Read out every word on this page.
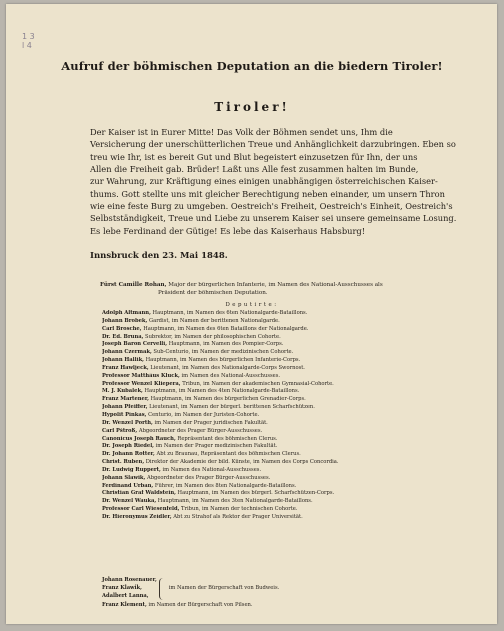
1 3
l 4
Aufruf der böhmischen Deputation an die biedern Tiroler!
Tiroler!
Der Kaiser ist in Eurer Mitte! Das Volk der Böhmen sendet uns, Ihm die
Versicherung der unerschütterlichen Treue und Anhänglichkeit darzubringen. Eben so
treu wie Ihr, ist es bereit Gut und Blut begeistert einzusetzen für Ihn, der uns
Allen die Freiheit gab. Brüder! Laßt uns Alle fest zusammen halten im Bunde,
zur Wahrung, zur Kräftigung eines einigen unabhängigen österreichischen Kaiser-
thums. Gott stellte uns mit gleicher Berechtigung neben einander, um unsern Thron
wie eine feste Burg zu umgeben. Oestreich's Freiheit, Oestreich's Einheit, Oestreich's
Selbstständigkeit, Treue und Liebe zu unserem Kaiser sei unsere gemeinsame Losung.
Es lebe Ferdinand der Gütige! Es lebe das Kaiserhaus Habsburg!
Innsbruck den 23. Mai 1848.
Fürst Camille Rohan, Major der bürgerlichen Infanterie, im Namen des National-Ausschusses als
Präsident der böhmischen Deputation.
Deputirte:
Adolph Altmann, Hauptmann, im Namen des 6ten Nationalgarde-Bataillons.
Johann Brobek, Gardist, im Namen der berittenen Nationalgarde.
Carl Brosche, Hauptmann, im Namen des 6ten Bataillons der Nationalgarde.
Dr. Ed. Bruna, Subrektor, im Namen der philosophischen Cohorte.
Joseph Baron Cervelli, Hauptmann, im Namen des Pompier-Corps.
Johann Czermak, Sub-Centurio, im Namen der medizinischen Cohorte.
Johann Hallik, Hauptmann, im Namen des bürgerlichen Infanterie-Corps.
Franz Hawljeck, Lieutenant, im Namen des Nationalgarde-Corps Swornost.
Professor Matthäus Kluck, im Namen des National-Ausschusses.
Professor Wenzel Kliepera, Tribun, im Namen der akademischen Gymnasial-Cohorte.
M. J. Kubalek, Hauptmann, im Namen des 4ten Nationalgarde-Bataillons.
Franz Martener, Hauptmann, im Namen des bürgerlichen Grenadier-Corps.
Johann Pfeiffer, Lieutenant, im Namen der bürgerl. berittenen Scharfschützen.
Hypolit Pinkas, Centurio, im Namen der Juristen-Cohorte.
Dr. Wenzel Porth, im Namen der Prager juridischen Fakultät.
Carl Pštroß, Abgeordneter des Prager Bürger-Ausschusses.
Canonicus Joseph Rauch, Repräsentant des böhmischen Clerus.
Dr. Joseph Riedel, im Namen der Prager medizinischen Fakultät.
Dr. Johann Rotter, Abt zu Braunau, Repräsentant des böhmischen Clerus.
Christ. Ruben, Direktor der Akademie der bild. Künste, im Namen des Corps Concordia.
Dr. Ludwig Ruppert, im Namen des National-Ausschusses.
Johann Slawik, Abgeordneter des Prager Bürger-Ausschusses.
Ferdinand Urban, Führer, im Namen des 8ten Nationalgarde-Bataillons.
Christian Graf Waldstein, Hauptmann, im Namen des bürgerl. Scharfschützen-Corps.
Dr. Wenzel Wauka, Hauptmann, im Namen des 3ten Nationalgarde-Bataillons.
Professor Carl Wiesenfeld, Tribun, im Namen der technischen Cohorte.
Dr. Hieronymus Zeidler, Abt zu Strahof als Rektor der Prager Universität.
Johann Rosenauer,
Franz Klawik,
Adalbert Lanna,
im Namen der Bürgerschaft von Budweis.
Franz Klement, im Namen der Bürgerschaft von Pilsen.
